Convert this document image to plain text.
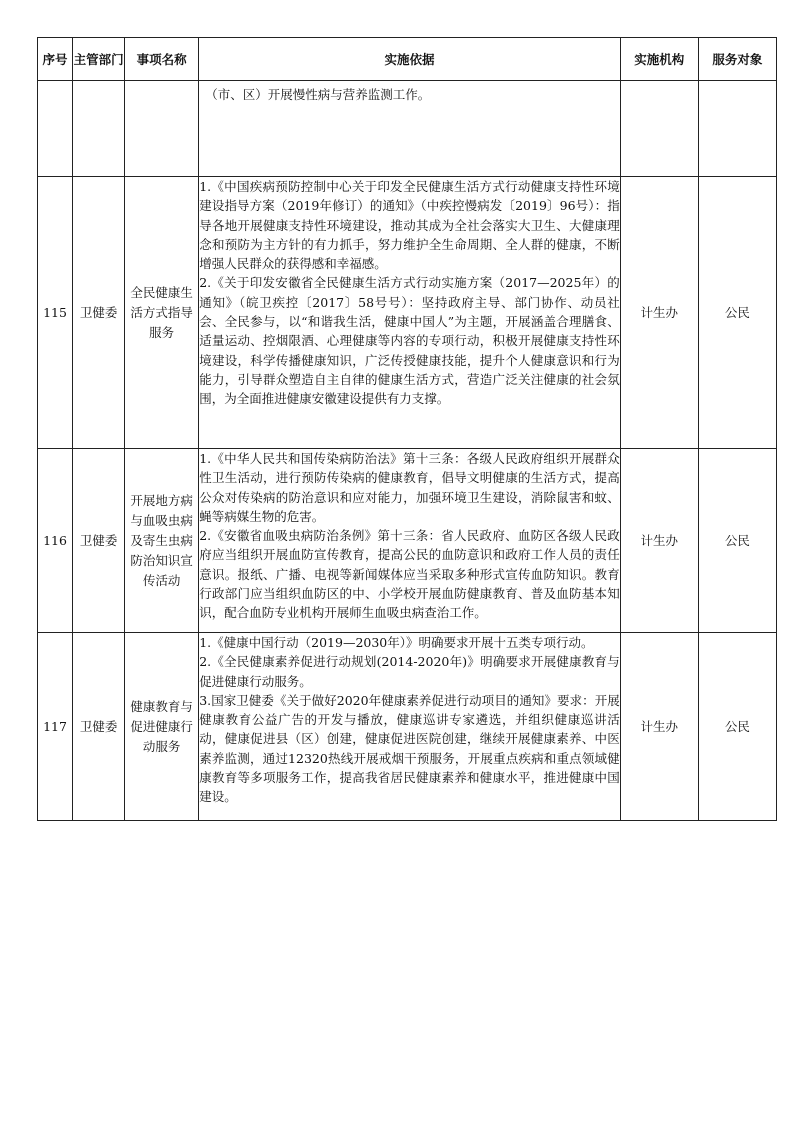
序号	主管部门	事项名称	实施依据	实施机构	服务对象

			（市、区）开展慢性病与营养监测工作。		

115	卫健委	全民健康生活方式指导服务	1.《中国疾病预防控制中心关于印发全民健康生活方式行动健康支持性环境建设指导方案（2019年修订）的通知》（中疾控慢病发〔2019〕96号）：指导各地开展健康支持性环境建设，推动其成为全社会落实大卫生、大健康理念和预防为主方针的有力抓手，努力维护全生命周期、全人群的健康，不断增强人民群众的获得感和幸福感。

2.《关于印发安徽省全民健康生活方式行动实施方案（2017—2025年）的通知》（皖卫疾控〔2017〕58号号）：坚持政府主导、部门协作、动员社会、全民参与，以“和谐我生活，健康中国人”为主题，开展涵盖合理膳食、适量运动、控烟限酒、心理健康等内容的专项行动，积极开展健康支持性环境建设，科学传播健康知识，广泛传授健康技能，提升个人健康意识和行为能力，引导群众塑造自主自律的健康生活方式，营造广泛关注健康的社会氛围，为全面推进健康安徽建设提供有力支撑。	计生办	公民
116	卫健委	开展地方病与血吸虫病及寄生虫病防治知识宣传活动	1.《中华人民共和国传染病防治法》第十三条：各级人民政府组织开展群众性卫生活动，进行预防传染病的健康教育，倡导文明健康的生活方式，提高公众对传染病的防治意识和应对能力，加强环境卫生建设，消除鼠害和蚊、蝇等病媒生物的危害。

2.《安徽省血吸虫病防治条例》第十三条：省人民政府、血防区各级人民政府应当组织开展血防宣传教育，提高公民的血防意识和政府工作人员的责任意识。报纸、广播、电视等新闻媒体应当采取多种形式宣传血防知识。教育行政部门应当组织血防区的中、小学校开展血防健康教育、普及血防基本知识，配合血防专业机构开展师生血吸虫病查治工作。	计生办	公民
117	卫健委	健康教育与促进健康行动服务	1.《健康中国行动（2019—2030年）》明确要求开展十五类专项行动。

2.《全民健康素养促进行动规划(2014-2020年)》明确要求开展健康教育与促进健康行动服务。

3.国家卫健委《关于做好2020年健康素养促进行动项目的通知》要求：开展健康教育公益广告的开发与播放，健康巡讲专家遴选，并组织健康巡讲活动，健康促进县（区）创建，健康促进医院创建，继续开展健康素养、中医素养监测，通过12320热线开展戒烟干预服务，开展重点疾病和重点领域健康教育等多项服务工作，提高我省居民健康素养和健康水平，推进健康中国建设。	计生办	公民
